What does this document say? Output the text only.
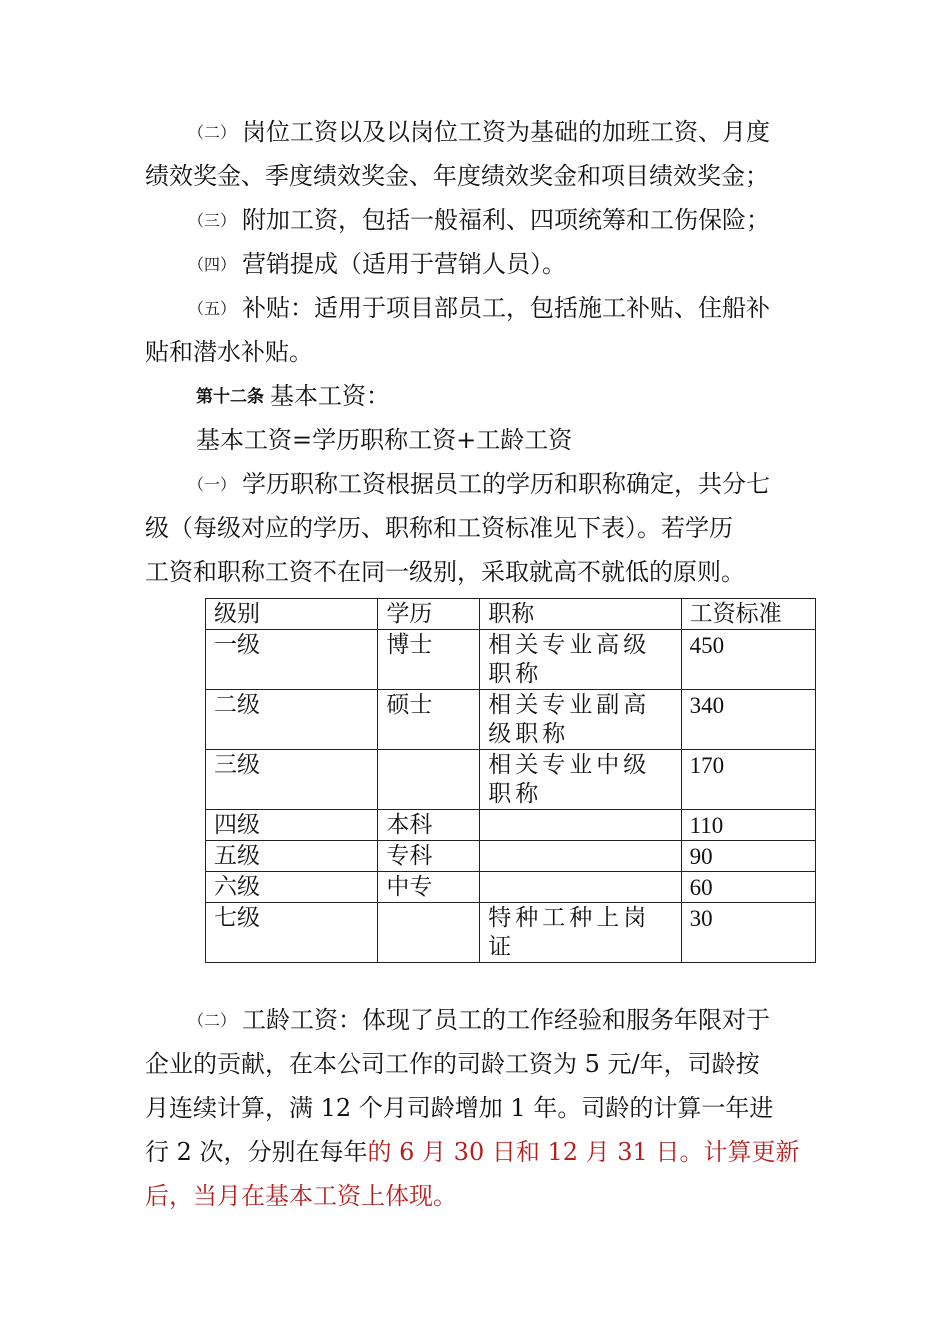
（二） 岗位工资以及以岗位工资为基础的加班工资、月度
绩效奖金、季度绩效奖金、年度绩效奖金和项目绩效奖金；
（三） 附加工资，包括一般福利、四项统筹和工伤保险；
（四） 营销提成（适用于营销人员）。
（五） 补贴：适用于项目部员工，包括施工补贴、住船补
贴和潜水补贴。
第十二条 基本工资：
基本工资=学历职称工资+工龄工资
（一） 学历职称工资根据员工的学历和职称确定，共分七
级（每级对应的学历、职称和工资标准见下表）。若学历
工资和职称工资不在同一级别，采取就高不就低的原则。
级别	学历	职称	工资标准
一级	博士	相关专业高级职称	450
二级	硕士	相关专业副高级职称	340
三级		相关专业中级职称	170
四级	本科		110
五级	专科		90
六级	中专		60
七级		特种工种上岗证	30
（二） 工龄工资：体现了员工的工作经验和服务年限对于
企业的贡献，在本公司工作的司龄工资为 5 元/年，司龄按
月连续计算，满 12 个月司龄增加 1 年。司龄的计算一年进
行 2 次，分别在每年的 6 月 30 日和 12 月 31 日。计算更新
后，当月在基本工资上体现。
